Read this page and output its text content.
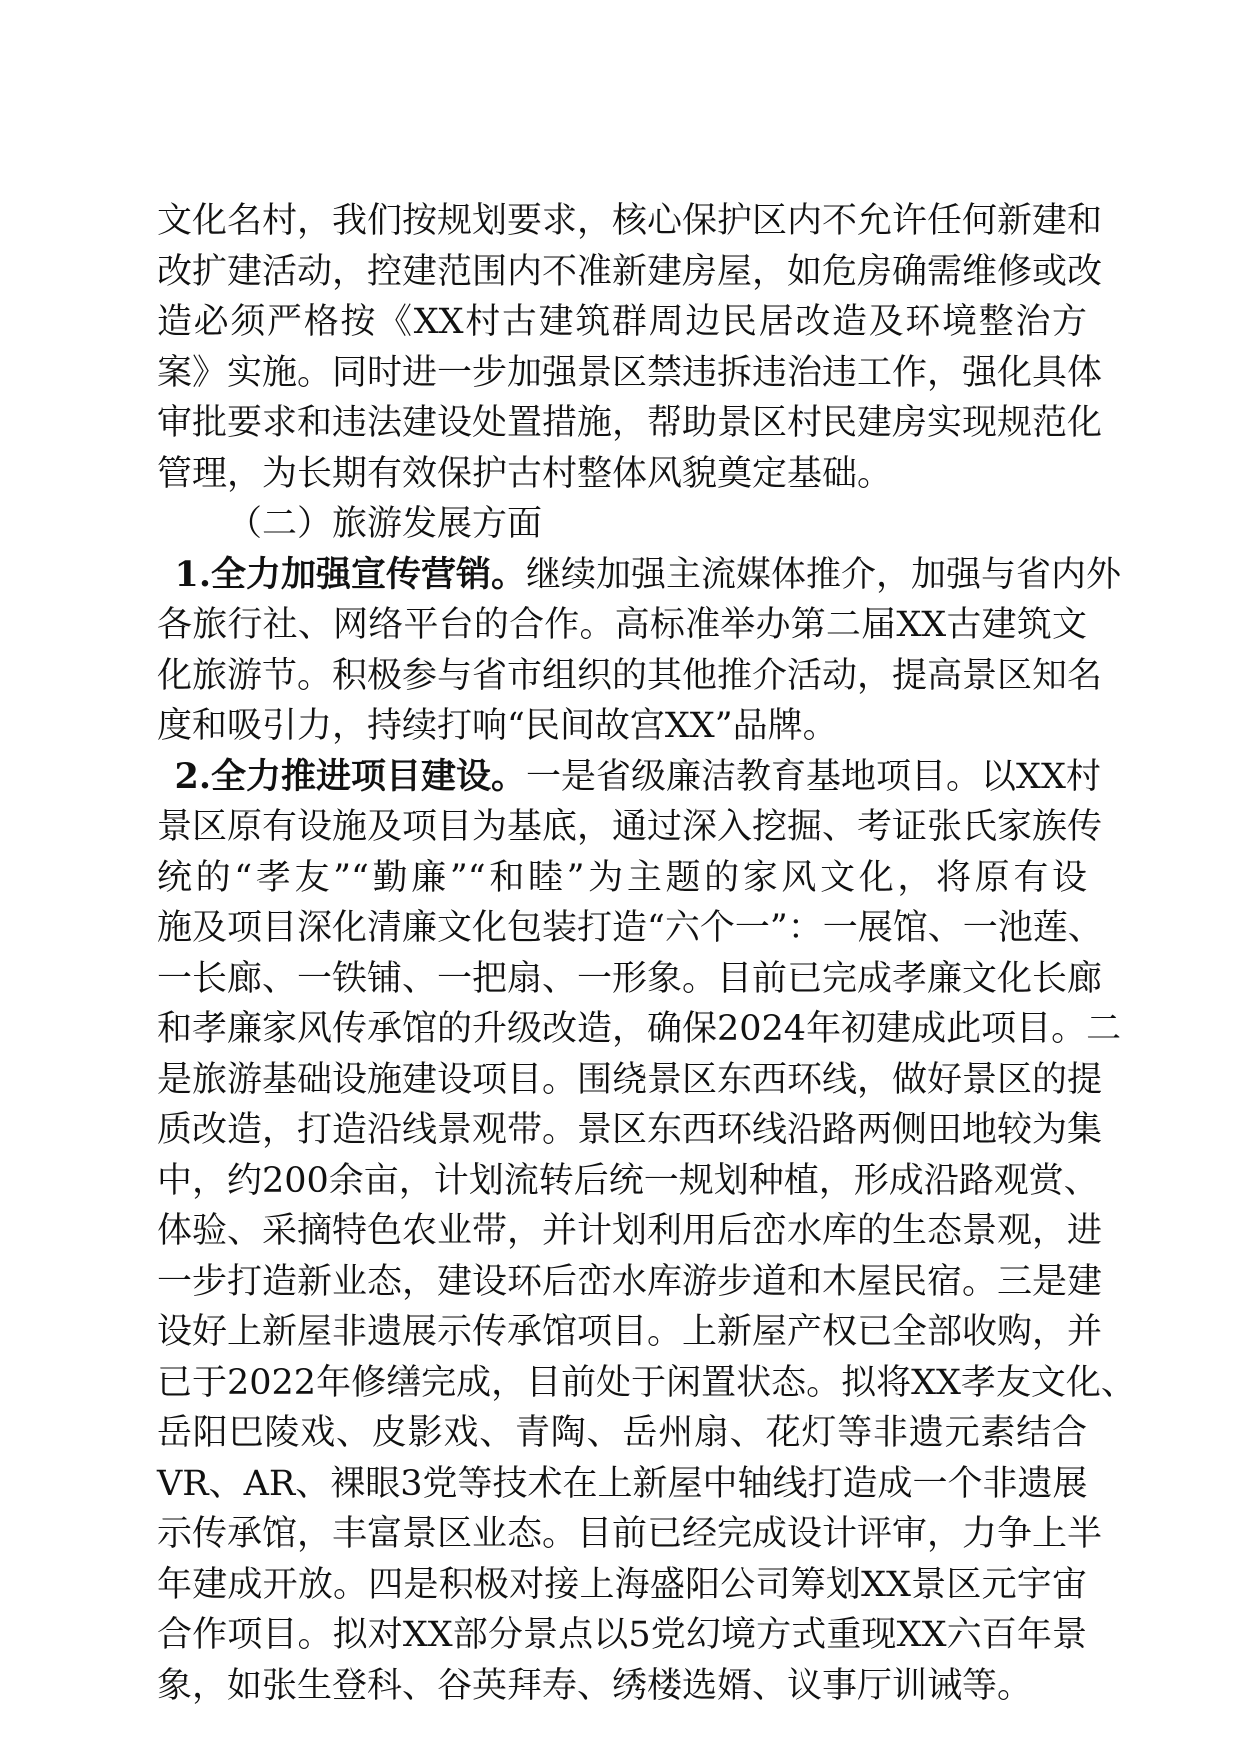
文化名村，我们按规划要求，核心保护区内不允许任何新建和
改扩建活动，控建范围内不准新建房屋，如危房确需维修或改
造必须严格按《XX村古建筑群周边民居改造及环境整治方
案》实施。同时进一步加强景区禁违拆违治违工作，强化具体
审批要求和违法建设处置措施，帮助景区村民建房实现规范化
管理，为长期有效保护古村整体风貌奠定基础。
（二）旅游发展方面
1.全力加强宣传营销。继续加强主流媒体推介，加强与省内外
各旅行社、网络平台的合作。高标准举办第二届XX古建筑文
化旅游节。积极参与省市组织的其他推介活动，提高景区知名
度和吸引力，持续打响“民间故宫XX”品牌。
2.全力推进项目建设。一是省级廉洁教育基地项目。以XX村
景区原有设施及项目为基底，通过深入挖掘、考证张氏家族传
统的“孝友”“勤廉”“和睦”为主题的家风文化，将原有设
施及项目深化清廉文化包装打造“六个一”：一展馆、一池莲、
一长廊、一铁铺、一把扇、一形象。目前已完成孝廉文化长廊
和孝廉家风传承馆的升级改造，确保2024年初建成此项目。二
是旅游基础设施建设项目。围绕景区东西环线，做好景区的提
质改造，打造沿线景观带。景区东西环线沿路两侧田地较为集
中，约200余亩，计划流转后统一规划种植，形成沿路观赏、
体验、采摘特色农业带，并计划利用后峦水库的生态景观，进
一步打造新业态，建设环后峦水库游步道和木屋民宿。三是建
设好上新屋非遗展示传承馆项目。上新屋产权已全部收购，并
已于2022年修缮完成，目前处于闲置状态。拟将XX孝友文化、
岳阳巴陵戏、皮影戏、青陶、岳州扇、花灯等非遗元素结合
VR、AR、裸眼3党等技术在上新屋中轴线打造成一个非遗展
示传承馆，丰富景区业态。目前已经完成设计评审，力争上半
年建成开放。四是积极对接上海盛阳公司筹划XX景区元宇宙
合作项目。拟对XX部分景点以5党幻境方式重现XX六百年景
象，如张生登科、谷英拜寿、绣楼选婿、议事厅训诫等。
